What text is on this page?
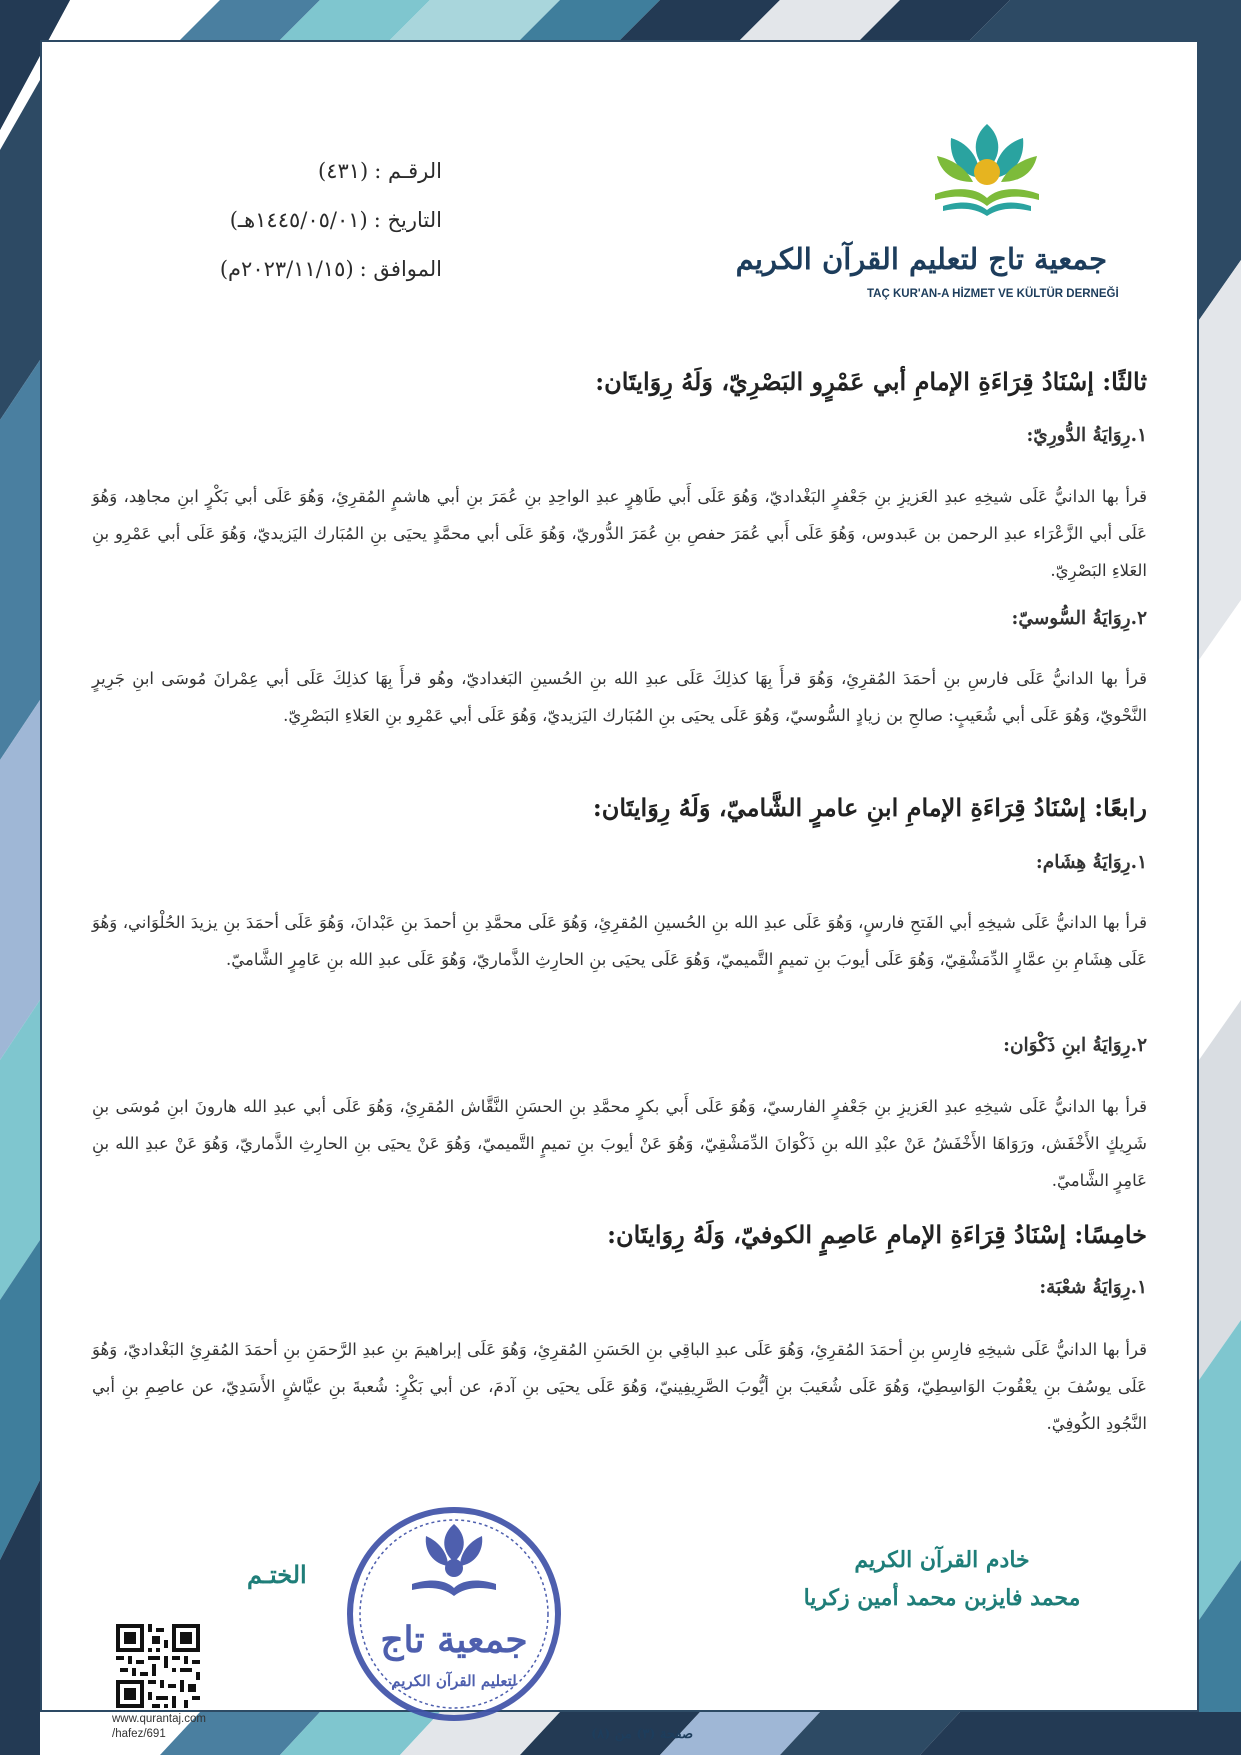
جمعية تاج لتعليم القرآن الكريم
TAÇ KUR'AN-A HİZMET VE KÜLTÜR DERNEĞİ
الرقـم :
(٤٣١)
التاريخ :
(١٤٤٥/٠٥/٠١هـ)
الموافق :
(٢٠٢٣/١١/١٥م)
ثالثًا: إسْنَادُ قِرَاءَةِ الإمامِ أبي عَمْرٍو البَصْرِيّ، وَلَهُ رِوَايتَان:
١.رِوَايَةُ الدُّورِيّ:
قرأ بها الدانيُّ عَلَى شيخِهِ عبدِ العَزيزِ بنِ جَعْفرٍ البَغْداديّ، وَهُوَ عَلَى أَبي طَاهِرٍ عبدِ الواحِدِ بنِ عُمَرَ بنِ أبي هاشمٍ المُقرِئِ، وَهُوَ عَلَى أبي بَكْرٍ ابنِ مجاهِد، وَهُوَ عَلَى أبي الزَّعْرَاء عبدِ الرحمن بن عَبدوس، وَهُوَ عَلَى أَبي عُمَرَ حفصِ بنِ عُمَرَ الدُّوريّ، وَهُوَ عَلَى أبي محمَّدٍ يحيَى بنِ المُبَارك اليَزيديّ، وَهُوَ عَلَى أبي عَمْرِو بنِ العَلاءِ البَصْرِيّ.
٢.رِوَايَةُ السُّوسيّ:
قرأ بها الدانيُّ عَلَى فارسِ بنِ أحمَدَ المُقرِئِ، وَهُوَ قرأَ بِهَا كذلِكَ عَلَى عبدِ الله بنِ الحُسينِ البَغداديّ، وهُو قرأَ بِهَا كذلِكَ عَلَى أبي عِمْرانَ مُوسَى ابنِ جَرِيرٍ النَّحْويّ، وَهُوَ عَلَى أبي شُعَيبٍ: صالحِ بن زيادٍ السُّوسيّ، وَهُوَ عَلَى يحيَى بنِ المُبَارك اليَزيديّ، وَهُوَ عَلَى أبي عَمْرِو بنِ العَلاءِ البَصْرِيّ.
رابعًا: إسْنَادُ قِرَاءَةِ الإمامِ ابنِ عامرٍ الشَّاميّ، وَلَهُ رِوَايتَان:
١.رِوَايَةُ هِشَام:
قرأ بها الدانيُّ عَلَى شيخِهِ أبي الفَتحِ فارسٍ، وَهُوَ عَلَى عبدِ الله بنِ الحُسينِ المُقرِئِ، وَهُوَ عَلَى محمَّدِ بنِ أحمدَ بنِ عَبْدانَ، وَهُوَ عَلَى أحمَدَ بنِ يزيدَ الحُلْوَاني، وَهُوَ عَلَى هِشَامِ بنِ عمَّارٍ الدِّمَشْقِيّ، وَهُوَ عَلَى أيوبَ بنِ تميمٍ التَّميميّ، وَهُوَ عَلَى يحيَى بنِ الحارِثِ الذَّماريّ، وَهُوَ عَلَى عبدِ الله بنِ عَامِرٍ الشَّاميّ.
٢.رِوَايَةُ ابنِ ذَكْوَان:
قرأ بها الدانيُّ عَلَى شيخِهِ عبدِ العَزيزِ بنِ جَعْفرٍ الفارسيّ، وَهُوَ عَلَى أَبي بكرٍ محمَّدِ بنِ الحسَنِ النَّقَّاش المُقرِئِ، وَهُوَ عَلَى أبي عبدِ الله هارونَ ابنِ مُوسَى بنِ شَرِيكٍ الأَخْفَش، ورَوَاهَا الأَخْفَشُ عَنْ عبْدِ الله بنِ ذَكْوَانَ الدِّمَشْقِيّ، وَهُوَ عَنْ أيوبَ بنِ تميمٍ التَّميميّ، وَهُوَ عَنْ يحيَى بنِ الحارِثِ الذَّماريّ، وَهُوَ عَنْ عبدِ الله بنِ عَامِرٍ الشَّاميّ.
خامِسًا: إسْنَادُ قِرَاءَةِ الإمامِ عَاصِمٍ الكوفيّ، وَلَهُ رِوَايتَان:
١.رِوَايَةُ شعْبَة:
قرأ بها الدانيُّ عَلَى شيخِهِ فارِسِ بنِ أحمَدَ المُقرِئِ، وَهُوَ عَلَى عبدِ الباقِي بنِ الحَسَنِ المُقرِئِ، وَهُوَ عَلَى إبراهيمَ بنِ عبدِ الرَّحمَنِ بنِ أحمَدَ المُقرِئِ البَغْداديّ، وَهُوَ عَلَى يوسُفَ بنِ يعْقُوبَ الوَاسِطِيّ، وَهُوَ عَلَى شُعَيبَ بنِ أيُّوبَ الصَّرِيفِينيّ، وَهُوَ عَلَى يحيَى بنِ آدمَ، عن أبي بَكْرٍ: شُعبةَ بنِ عيَّاشٍ الأَسَدِيّ، عن عاصِمِ بنِ أبي النَّجُودِ الكُوفِيّ.
جمعية تاج
لتعليم القرآن الكريم
الختـم	خادم القرآن الكريم
محمد فايزبن محمد أمين زكريا
www.qurantaj.com
/hafez/691	صفحة (٣) من (٨)
